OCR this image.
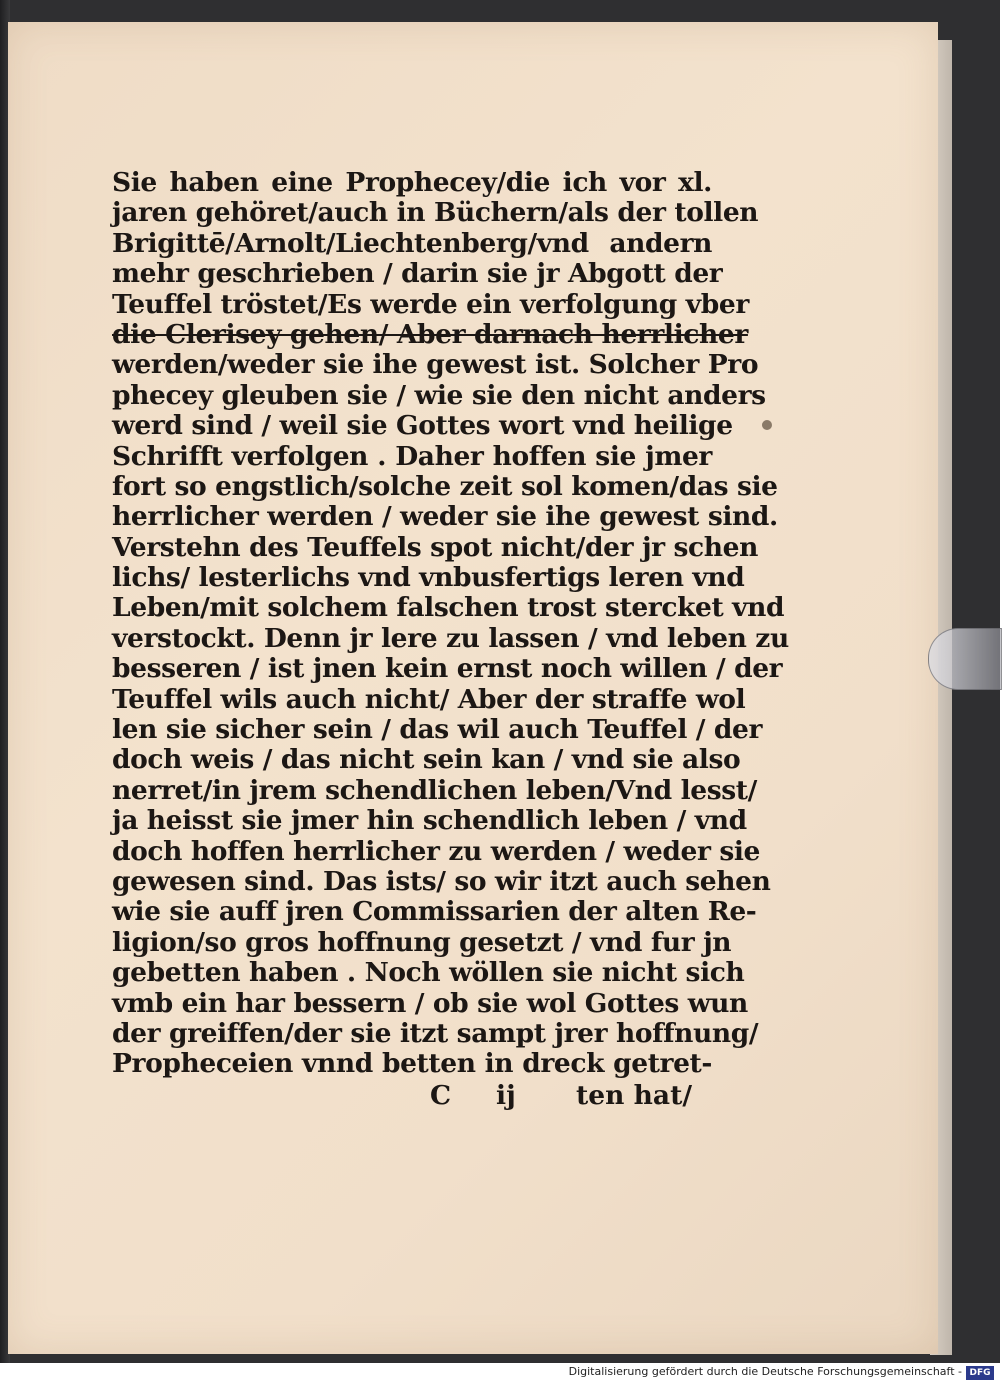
Sie haben eine Prophecey/die ich vor xl.
jaren gehöret/auch in Büchern/als der tollen
Brigittē/Arnolt/Liechtenberg/vnd andern
mehr geschrieben / darin sie jr Abgott der
Teuffel tröstet/Es werde ein verfolgung vber
die Clerisey gehen/ Aber darnach herrlicher
werden/weder sie ihe gewest ist. Solcher Pro
phecey gleuben sie / wie sie den nicht anders
werd sind / weil sie Gottes wort vnd heilige
Schrifft verfolgen . Daher hoffen sie jmer
fort so engstlich/solche zeit sol komen/das sie
herrlicher werden / weder sie ihe gewest sind.
Verstehn des Teuffels spot nicht/der jr schen
lichs/ lesterlichs vnd vnbusfertigs leren vnd
Leben/mit solchem falschen trost stercket vnd
verstockt. Denn jr lere zu lassen / vnd leben zu
besseren / ist jnen kein ernst noch willen / der
Teuffel wils auch nicht/ Aber der straffe wol
len sie sicher sein / das wil auch Teuffel / der
doch weis / das nicht sein kan / vnd sie also
nerret/in jrem schendlichen leben/Vnd lesst/
ja heisst sie jmer hin schendlich leben / vnd
doch hoffen herrlicher zu werden / weder sie
gewesen sind. Das ists/ so wir itzt auch sehen
wie sie auff jren Commissarien der alten Re-
ligion/so gros hoffnung gesetzt / vnd fur jn
gebetten haben . Noch wöllen sie nicht sich
vmb ein har bessern / ob sie wol Gottes wun
der greiffen/der sie itzt sampt jrer hoffnung/
Propheceien vnnd betten in dreck getret-
C ij ten hat/
Digitalisierung gefördert durch die Deutsche Forschungsgemeinschaft - DFG
